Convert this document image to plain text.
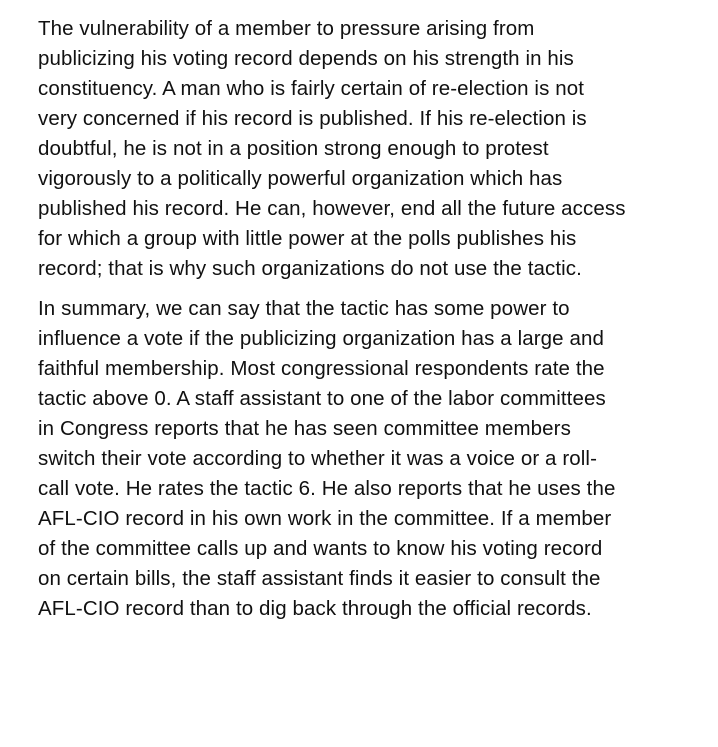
The vulnerability of a member to pressure arising from
publicizing his voting record depends on his strength in his
constituency. A man who is fairly certain of re-election is not
very concerned if his record is published. If his re-election is
doubtful, he is not in a position strong enough to protest
vigorously to a politically powerful organization which has
published his record. He can, however, end all the future access
for which a group with little power at the polls publishes his
record; that is why such organizations do not use the tactic.

In summary, we can say that the tactic has some power to
influence a vote if the publicizing organization has a large and
faithful membership. Most congressional respondents rate the
tactic above 0. A staff assistant to one of the labor committees
in Congress reports that he has seen committee members
switch their vote according to whether it was a voice or a roll-
call vote. He rates the tactic 6. He also reports that he uses the
AFL-CIO record in his own work in the committee. If a member
of the committee calls up and wants to know his voting record
on certain bills, the staff assistant finds it easier to consult the
AFL-CIO record than to dig back through the official records.
